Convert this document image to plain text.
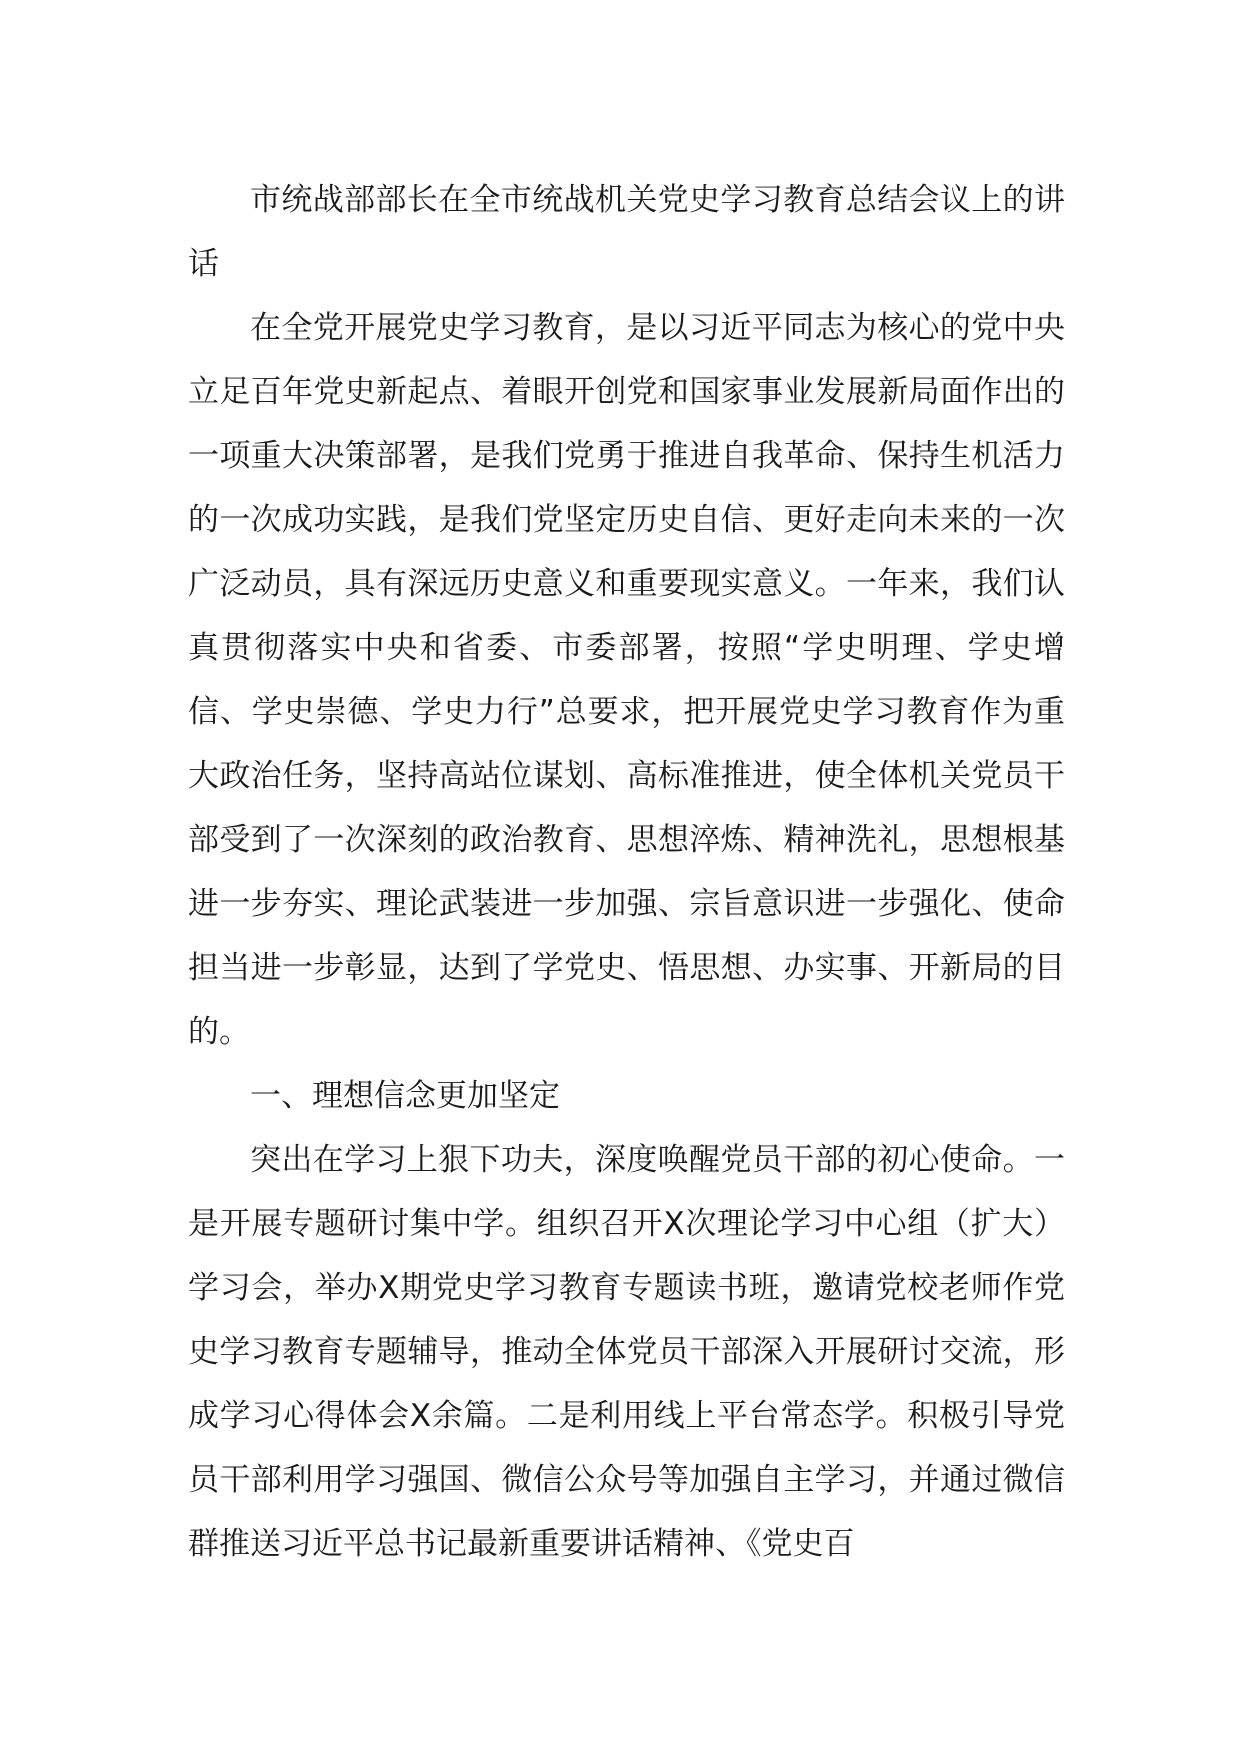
市统战部部长在全市统战机关党史学习教育总结会议上的讲话

在全党开展党史学习教育，是以习近平同志为核心的党中央立足百年党史新起点、着眼开创党和国家事业发展新局面作出的一项重大决策部署，是我们党勇于推进自我革命、保持生机活力的一次成功实践，是我们党坚定历史自信、更好走向未来的一次广泛动员，具有深远历史意义和重要现实意义。一年来，我们认真贯彻落实中央和省委、市委部署，按照“学史明理、学史增信、学史崇德、学史力行”总要求，把开展党史学习教育作为重大政治任务，坚持高站位谋划、高标准推进，使全体机关党员干部受到了一次深刻的政治教育、思想淬炼、精神洗礼，思想根基进一步夯实、理论武装进一步加强、宗旨意识进一步强化、使命担当进一步彰显，达到了学党史、悟思想、办实事、开新局的目的。

一、理想信念更加坚定

突出在学习上狠下功夫，深度唤醒党员干部的初心使命。一是开展专题研讨集中学。组织召开X次理论学习中心组（扩大）学习会，举办X期党史学习教育专题读书班，邀请党校老师作党史学习教育专题辅导，推动全体党员干部深入开展研讨交流，形成学习心得体会X余篇。二是利用线上平台常态学。积极引导党员干部利用学习强国、微信公众号等加强自主学习，并通过微信群推送习近平总书记最新重要讲话精神、《党史百
